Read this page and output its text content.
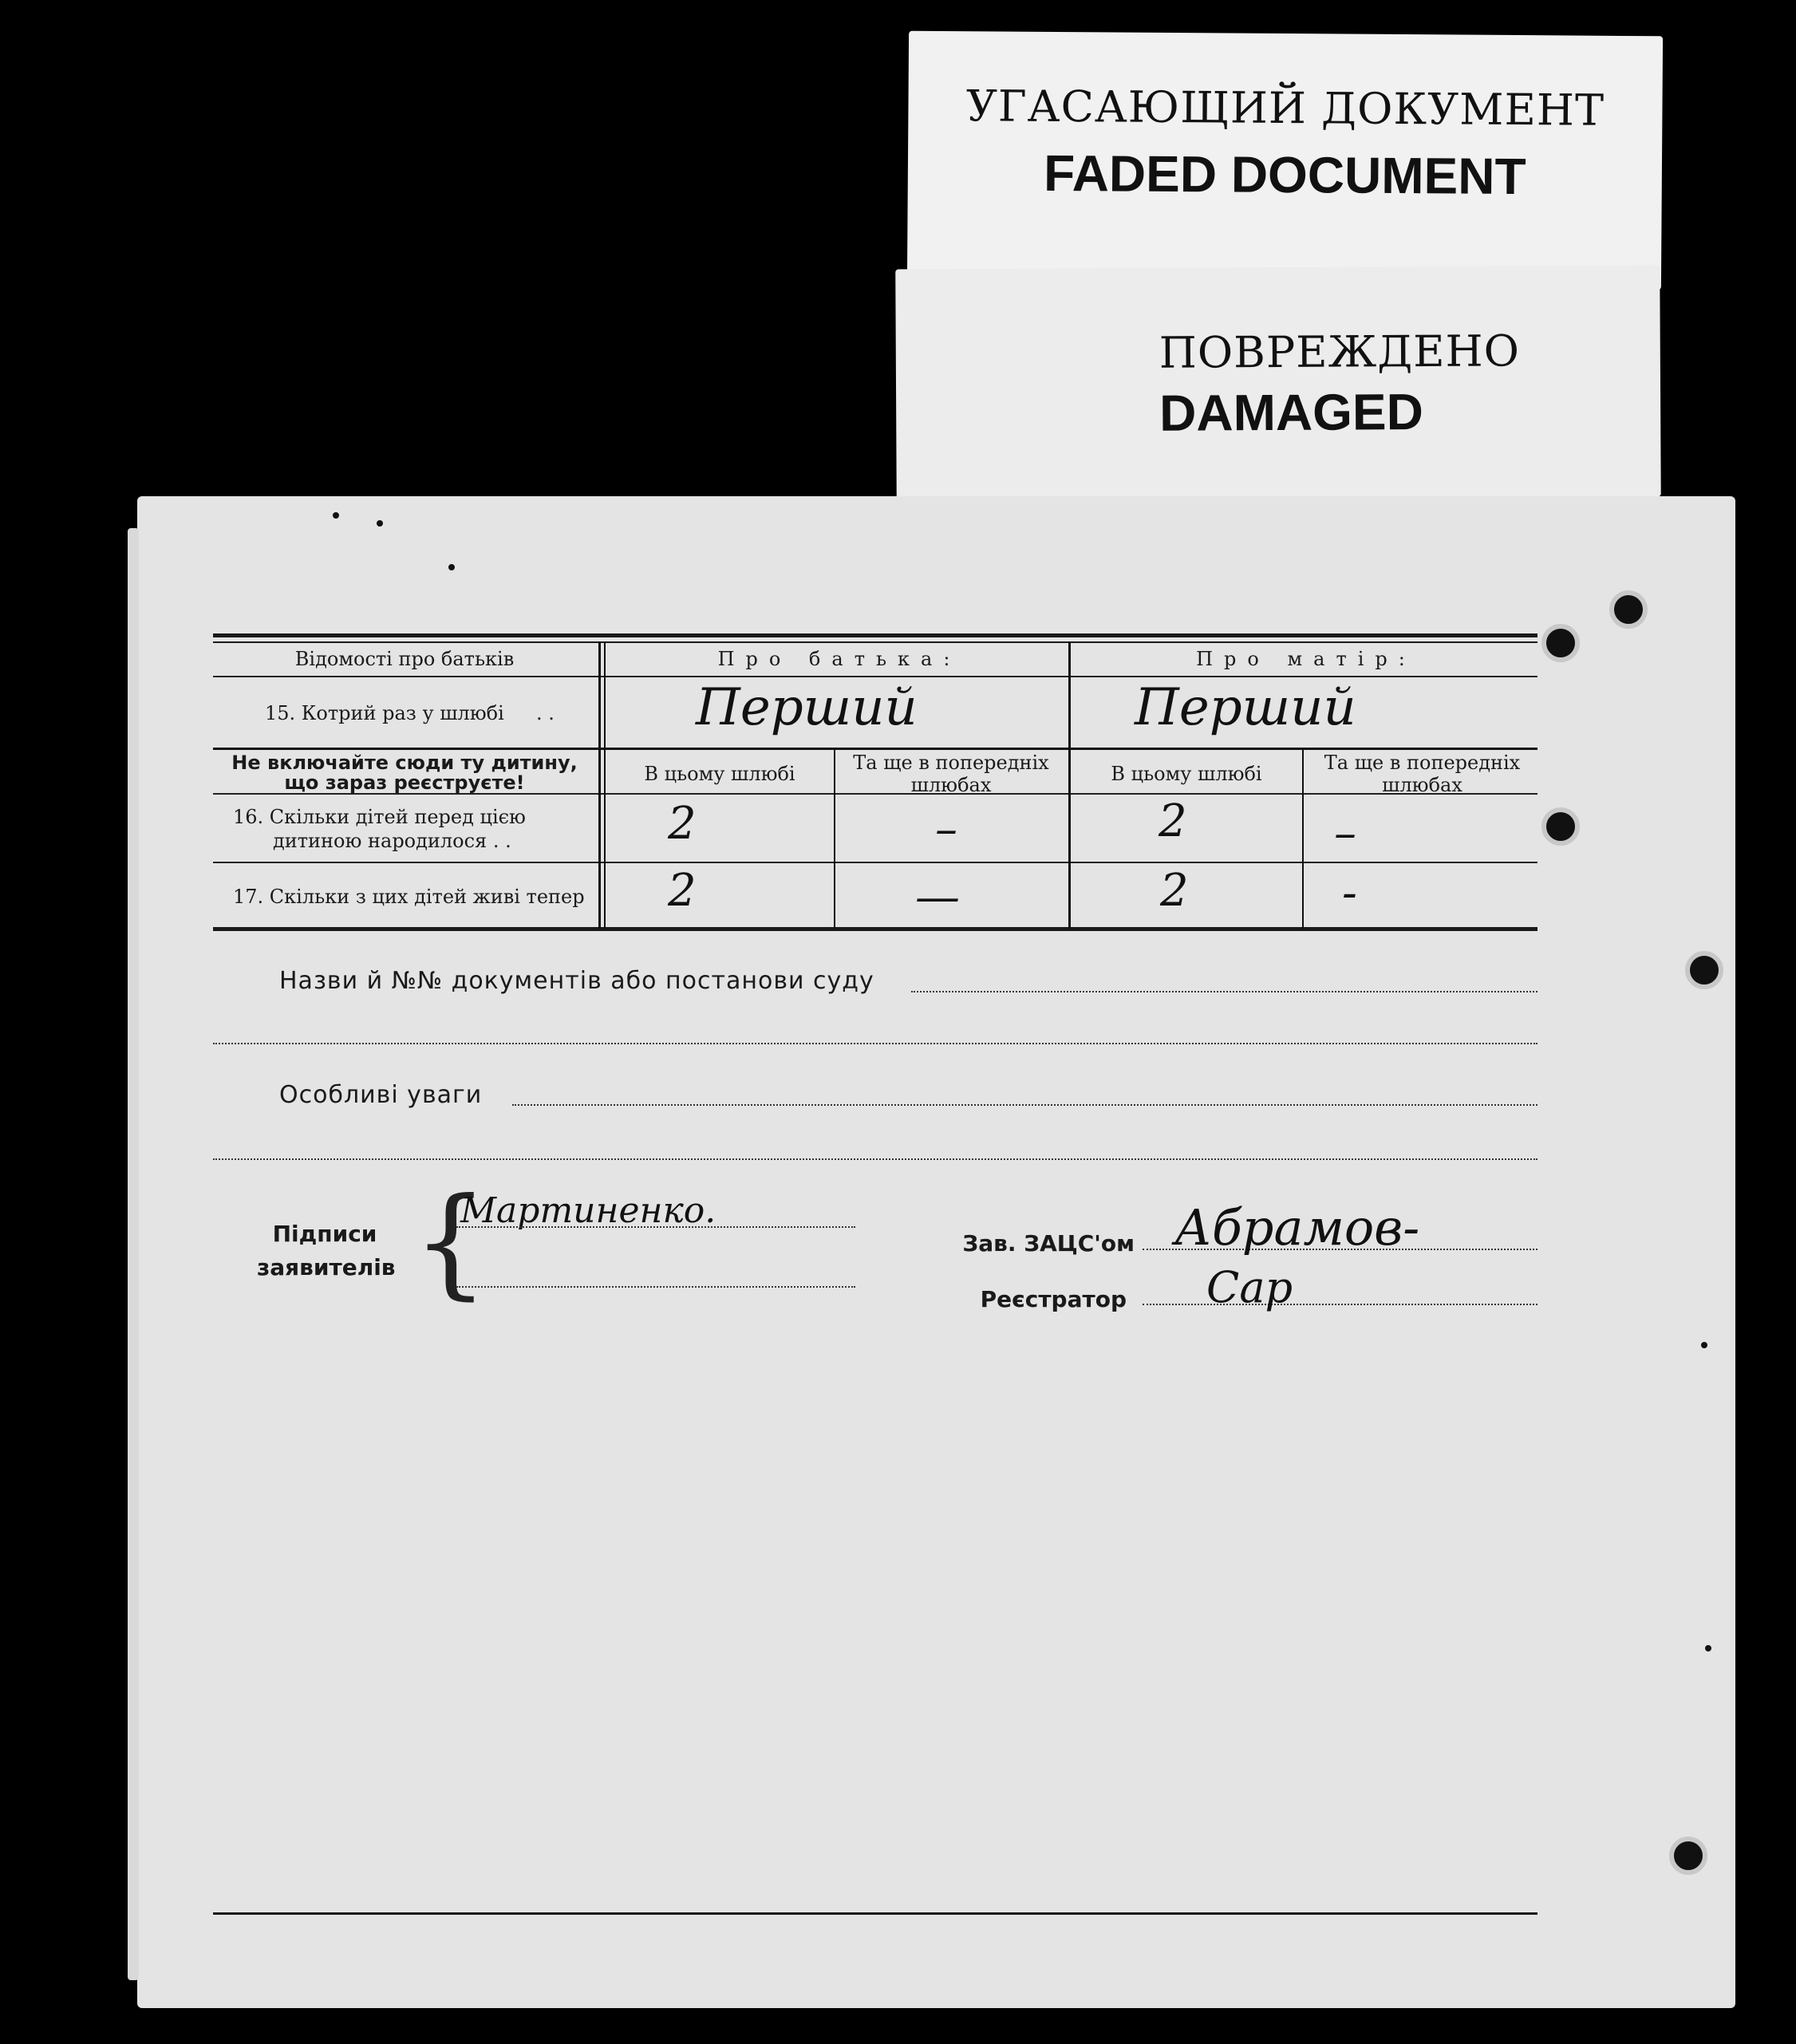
УГАСАЮЩИЙ ДОКУМЕНТ
FADED DOCUMENT
ПОВРЕЖДЕНО
DAMAGED
Відомості про батьків	Про батька:	Про матір:
15. Котрий раз у шлюбі	. .	Перший	Перший
Не включайте сюди ту дитину,
що зараз реєструєте!	В цьому шлюбі	Та ще в попередніх шлюбах	В цьому шлюбі	Та ще в попередніх шлюбах
16. Скільки дітей перед цією
дитиною народилося . .	2	–	2	–
17. Скільки з цих дітей живі тепер	2	—	2	-
Назви й №№ документів або постанови суду
Особливі уваги
Підписи
заявителів {
Мартиненко.
Зав. ЗАЦС'ом
Реєстратор
Абрамов-
Сар
